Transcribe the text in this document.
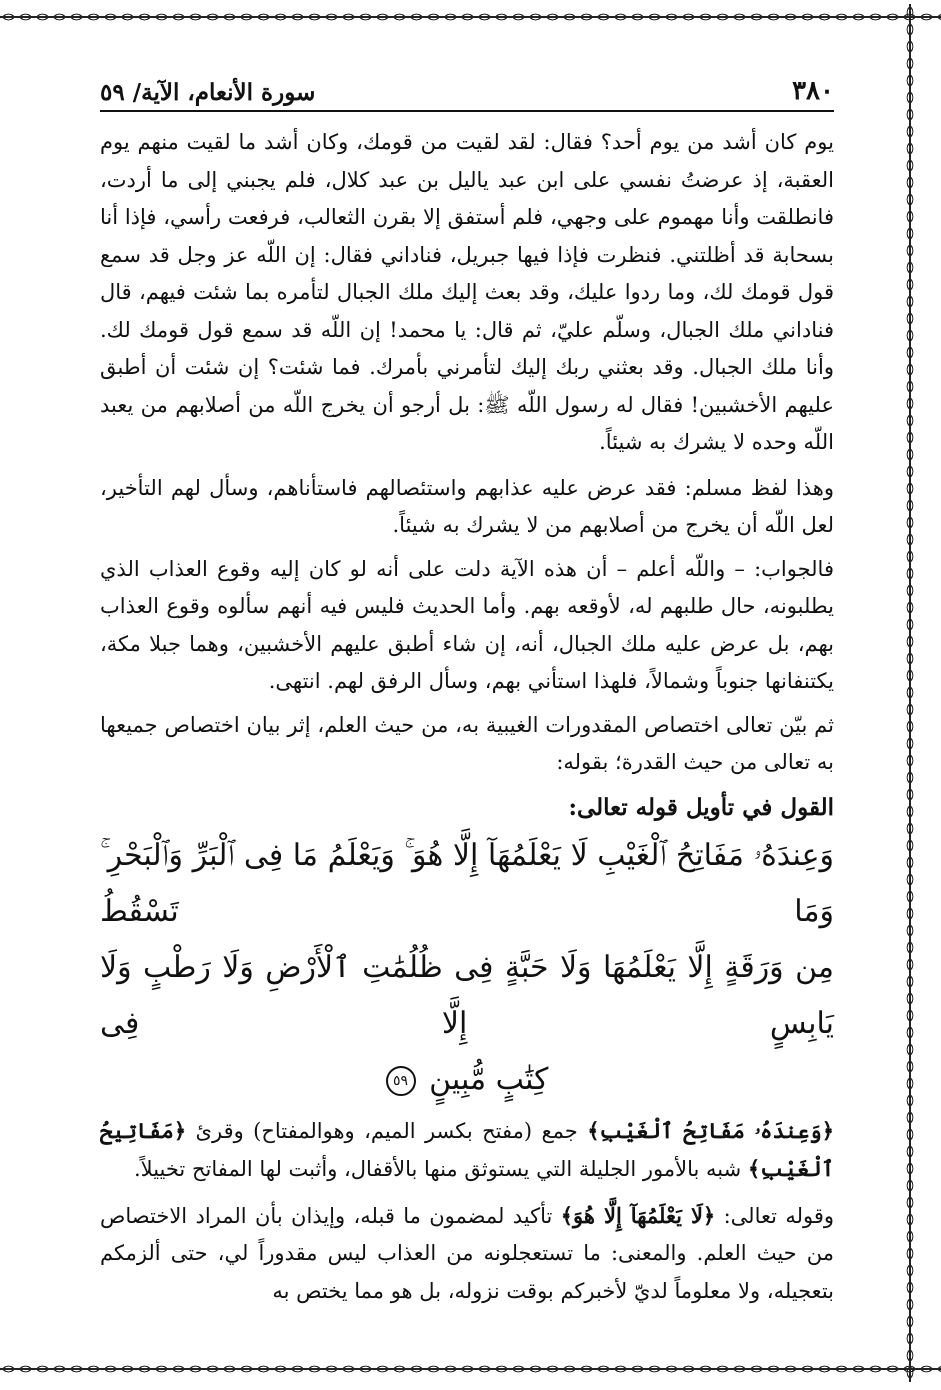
٣٨٠
سورة الأنعام، الآية/ ٥٩

يوم كان أشد من يوم أحد؟ فقال: لقد لقيت من قومك، وكان أشد ما لقيت منهم يوم العقبة، إذ عرضتُ نفسي على ابن عبد ياليل بن عبد كلال، فلم يجبني إلى ما أردت، فانطلقت وأنا مهموم على وجهي، فلم أستفق إلا بقرن الثعالب، فرفعت رأسي، فإذا أنا بسحابة قد أظلتني. فنظرت فإذا فيها جبريل، فناداني فقال: إن اللّه عز وجل قد سمع قول قومك لك، وما ردوا عليك، وقد بعث إليك ملك الجبال لتأمره بما شئت فيهم، قال فناداني ملك الجبال، وسلّم عليّ، ثم قال: يا محمد! إن اللّه قد سمع قول قومك لك. وأنا ملك الجبال. وقد بعثني ربك إليك لتأمرني بأمرك. فما شئت؟ إن شئت أن أطبق عليهم الأخشبين! فقال له رسول اللّه ﷺ: بل أرجو أن يخرج اللّه من أصلابهم من يعبد اللّه وحده لا يشرك به شيئاً.

وهذا لفظ مسلم: فقد عرض عليه عذابهم واستئصالهم فاستأناهم، وسأل لهم التأخير، لعل اللّه أن يخرج من أصلابهم من لا يشرك به شيئاً.

فالجواب: – واللّه أعلم – أن هذه الآية دلت على أنه لو كان إليه وقوع العذاب الذي يطلبونه، حال طلبهم له، لأوقعه بهم. وأما الحديث فليس فيه أنهم سألوه وقوع العذاب بهم، بل عرض عليه ملك الجبال، أنه، إن شاء أطبق عليهم الأخشبين، وهما جبلا مكة، يكتنفانها جنوباً وشمالاً، فلهذا استأني بهم، وسأل الرفق لهم. انتهى.

ثم بيّن تعالى اختصاص المقدورات الغيبية به، من حيث العلم، إثر بيان اختصاص جميعها به تعالى من حيث القدرة؛ بقوله:

القول في تأويل قوله تعالى:

وَعِندَهُۥ مَفَاتِحُ ٱلْغَيْبِ لَا يَعْلَمُهَآ إِلَّا هُوَ ۚ وَيَعْلَمُ مَا فِى ٱلْبَرِّ وَٱلْبَحْرِ ۚ وَمَا تَسْقُطُ

مِن وَرَقَةٍ إِلَّا يَعْلَمُهَا وَلَا حَبَّةٍ فِى ظُلُمَٰتِ ٱلْأَرْضِ وَلَا رَطْبٍ وَلَا يَابِسٍ إِلَّا فِى

كِتَٰبٍ مُّبِينٍ ٥٩

﴿وَعِندَهُۥ مَفَاتِحُ ٱلْغَيْبِ﴾ جمع (مفتح بكسر الميم، وهوالمفتاح) وقرئ ﴿مَفَاتِيحُ ٱلْغَيْبِ﴾ شبه بالأمور الجليلة التي يستوثق منها بالأقفال، وأثبت لها المفاتح تخييلاً.

وقوله تعالى: ﴿لَا يَعْلَمُهَآ إِلَّا هُوَ﴾ تأكيد لمضمون ما قبله، وإيذان بأن المراد الاختصاص من حيث العلم. والمعنى: ما تستعجلونه من العذاب ليس مقدوراً لي، حتى ألزمكم بتعجيله، ولا معلوماً لديّ لأخبركم بوقت نزوله، بل هو مما يختص به
